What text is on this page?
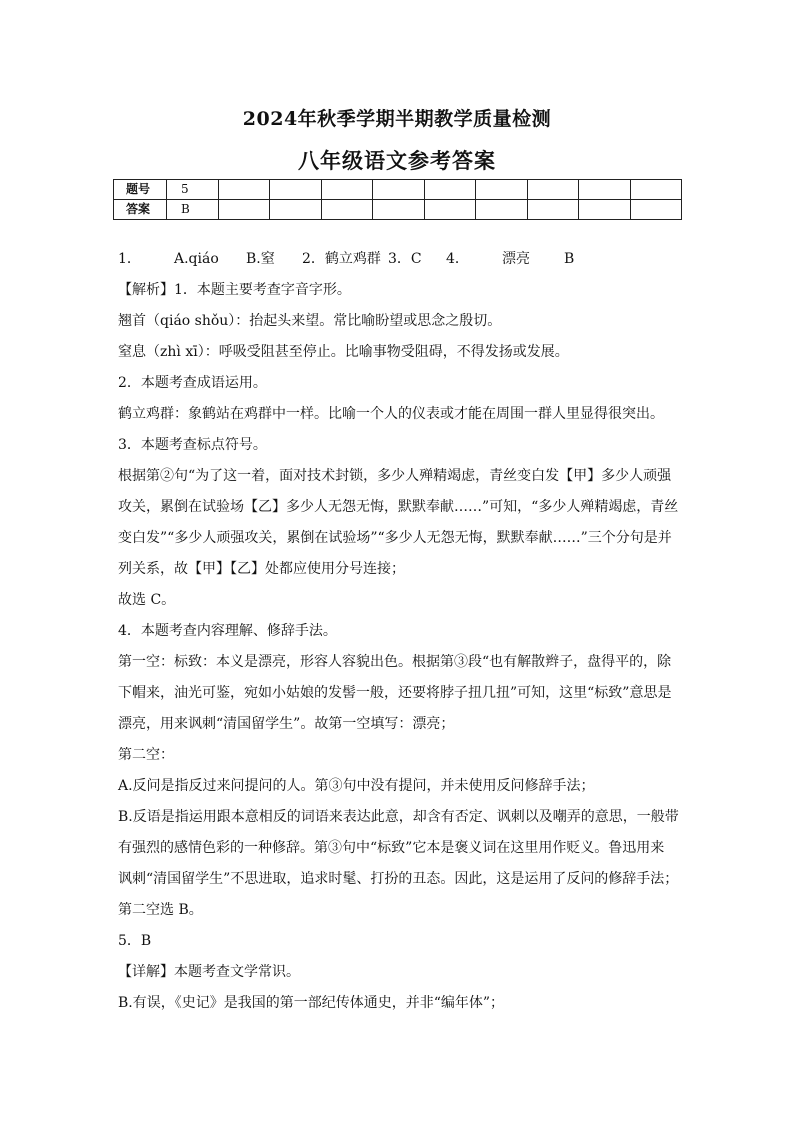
2024年秋季学期半期教学质量检测
八年级语文参考答案
题号	5									
答案	B									
1． A.qiáo B.窒 2．鹤立鸡群 3．C 4． 漂亮 B
【解析】1．本题主要考查字音字形。
翘首（qiáo shǒu）：抬起头来望。常比喻盼望或思念之殷切。
窒息（zhì xī）：呼吸受阻甚至停止。比喻事物受阻碍，不得发扬或发展。
2．本题考查成语运用。
鹤立鸡群：象鹤站在鸡群中一样。比喻一个人的仪表或才能在周围一群人里显得很突出。
3．本题考查标点符号。
根据第②句“为了这一着，面对技术封锁，多少人殚精竭虑，青丝变白发【甲】多少人顽强
攻关，累倒在试验场【乙】多少人无怨无悔，默默奉献……”可知，“多少人殚精竭虑，青丝
变白发”“多少人顽强攻关，累倒在试验场”“多少人无怨无悔，默默奉献……”三个分句是并
列关系，故【甲】【乙】处都应使用分号连接；
故选 C。
4．本题考查内容理解、修辞手法。
第一空：标致：本义是漂亮，形容人容貌出色。根据第③段“也有解散辫子，盘得平的，除
下帽来，油光可鉴，宛如小姑娘的发髻一般，还要将脖子扭几扭”可知，这里“标致”意思是
漂亮，用来讽刺“清国留学生”。故第一空填写：漂亮；
第二空：
A.反问是指反过来问提问的人。第③句中没有提问，并未使用反问修辞手法；
B.反语是指运用跟本意相反的词语来表达此意，却含有否定、讽刺以及嘲弄的意思，一般带
有强烈的感情色彩的一种修辞。第③句中“标致”它本是褒义词在这里用作贬义。鲁迅用来
讽刺“清国留学生”不思进取，追求时髦、打扮的丑态。因此，这是运用了反问的修辞手法；
第二空选 B。
5．B
【详解】本题考查文学常识。
B.有误，《史记》是我国的第一部纪传体通史，并非“编年体”；
